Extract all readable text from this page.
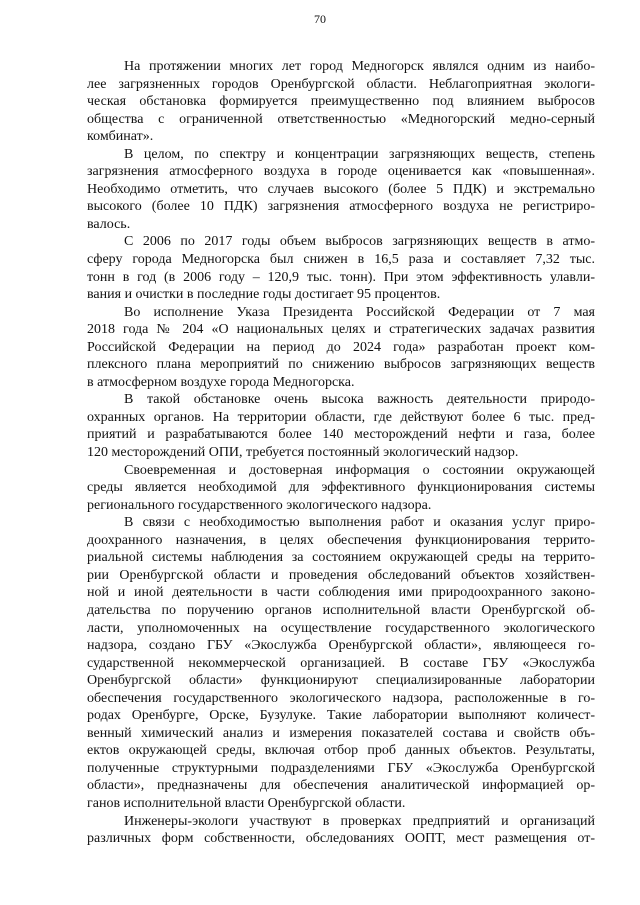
70
На протяжении многих лет город Медногорск являлся одним из наибо-
лее загрязненных городов Оренбургской области. Неблагоприятная экологи-
ческая обстановка формируется преимущественно под влиянием выбросов
общества с ограниченной ответственностью «Медногорский медно-серный
комбинат».
В целом, по спектру и концентрации загрязняющих веществ, степень
загрязнения атмосферного воздуха в городе оценивается как «повышенная».
Необходимо отметить, что случаев высокого (более 5 ПДК) и экстремально
высокого (более 10 ПДК) загрязнения атмосферного воздуха не регистриро-
валось.
С 2006 по 2017 годы объем выбросов загрязняющих веществ в атмо-
сферу города Медногорска был снижен в 16,5 раза и составляет 7,32 тыс.
тонн в год (в 2006 году – 120,9 тыс. тонн). При этом эффективность улавли-
вания и очистки в последние годы достигает 95 процентов.
Во исполнение Указа Президента Российской Федерации от 7 мая
2018 года № 204 «О национальных целях и стратегических задачах развития
Российской Федерации на период до 2024 года» разработан проект ком-
плексного плана мероприятий по снижению выбросов загрязняющих веществ
в атмосферном воздухе города Медногорска.
В такой обстановке очень высока важность деятельности природо-
охранных органов. На территории области, где действуют более 6 тыс. пред-
приятий и разрабатываются более 140 месторождений нефти и газа, более
120 месторождений ОПИ, требуется постоянный экологический надзор.
Своевременная и достоверная информация о состоянии окружающей
среды является необходимой для эффективного функционирования системы
регионального государственного экологического надзора.
В связи с необходимостью выполнения работ и оказания услуг приро-
доохранного назначения, в целях обеспечения функционирования террито-
риальной системы наблюдения за состоянием окружающей среды на террито-
рии Оренбургской области и проведения обследований объектов хозяйствен-
ной и иной деятельности в части соблюдения ими природоохранного законо-
дательства по поручению органов исполнительной власти Оренбургской об-
ласти, уполномоченных на осуществление государственного экологического
надзора, создано ГБУ «Экослужба Оренбургской области», являющееся го-
сударственной некоммерческой организацией. В составе ГБУ «Экослужба
Оренбургской области» функционируют специализированные лаборатории
обеспечения государственного экологического надзора, расположенные в го-
родах Оренбурге, Орске, Бузулуке. Такие лаборатории выполняют количест-
венный химический анализ и измерения показателей состава и свойств объ-
ектов окружающей среды, включая отбор проб данных объектов. Результаты,
полученные структурными подразделениями ГБУ «Экослужба Оренбургской
области», предназначены для обеспечения аналитической информацией ор-
ганов исполнительной власти Оренбургской области.
Инженеры-экологи участвуют в проверках предприятий и организаций
различных форм собственности, обследованиях ООПТ, мест размещения от-
